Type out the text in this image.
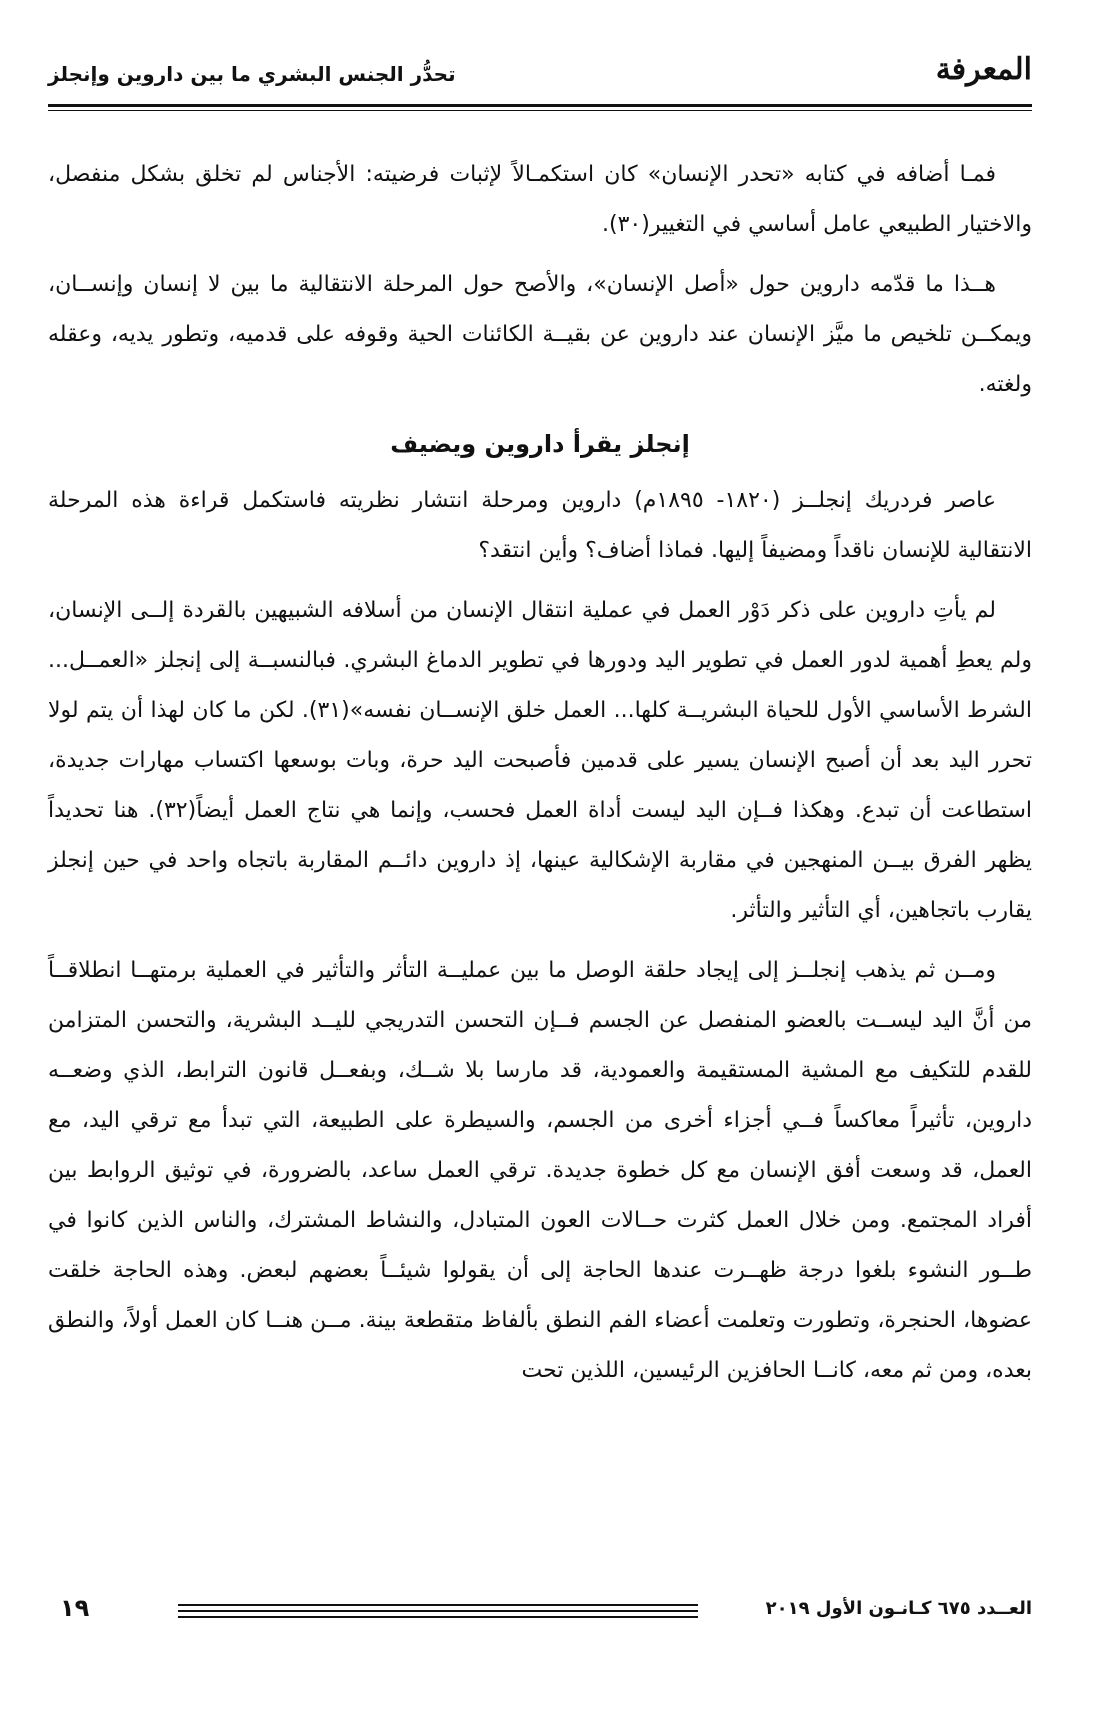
تحدُّر الجنس البشري ما بين داروين وإنجلز	المعرفة

فمـا أضافه في كتابه «تحدر الإنسان» كان استكمـالاً لإثبات فرضيته: الأجناس لم تخلق بشكل منفصل، والاختيار الطبيعي عامل أساسي في التغيير(٣٠).

هــذا ما قدّمه داروين حول «أصل الإنسان»، والأصح حول المرحلة الانتقالية ما بين لا إنسان وإنســان، ويمكــن تلخيص ما ميَّز الإنسان عند داروين عن بقيــة الكائنات الحية وقوفه على قدميه، وتطور يديه، وعقله ولغته.

إنجلز يقرأ داروين ويضيف

عاصر فردريك إنجلــز (١٨٢٠- ١٨٩٥م) داروين ومرحلة انتشار نظريته فاستكمل قراءة هذه المرحلة الانتقالية للإنسان ناقداً ومضيفاً إليها. فماذا أضاف؟ وأين انتقد؟

لم يأتِ داروين على ذكر دَوْر العمل في عملية انتقال الإنسان من أسلافه الشبيهين بالقردة إلــى الإنسان، ولم يعطِ أهمية لدور العمل في تطوير اليد ودورها في تطوير الدماغ البشري. فبالنسبــة إلى إنجلز «العمــل... الشرط الأساسي الأول للحياة البشريــة كلها... العمل خلق الإنســان نفسه»(٣١). لكن ما كان لهذا أن يتم لولا تحرر اليد بعد أن أصبح الإنسان يسير على قدمين فأصبحت اليد حرة، وبات بوسعها اكتساب مهارات جديدة، استطاعت أن تبدع. وهكذا فــإن اليد ليست أداة العمل فحسب، وإنما هي نتاج العمل أيضاً(٣٢). هنا تحديداً يظهر الفرق بيــن المنهجين في مقاربة الإشكالية عينها، إذ داروين دائــم المقاربة باتجاه واحد في حين إنجلز يقارب باتجاهين، أي التأثير والتأثر.

ومــن ثم يذهب إنجلــز إلى إيجاد حلقة الوصل ما بين عمليــة التأثر والتأثير في العملية برمتهــا انطلاقــاً من أنَّ اليد ليســت بالعضو المنفصل عن الجسم فــإن التحسن التدريجي لليــد البشرية، والتحسن المتزامن للقدم للتكيف مع المشية المستقيمة والعمودية، قد مارسا بلا شــك، وبفعــل قانون الترابط، الذي وضعــه داروين، تأثيراً معاكساً فــي أجزاء أخرى من الجسم، والسيطرة على الطبيعة، التي تبدأ مع ترقي اليد، مع العمل، قد وسعت أفق الإنسان مع كل خطوة جديدة. ترقي العمل ساعد، بالضرورة، في توثيق الروابط بين أفراد المجتمع. ومن خلال العمل كثرت حــالات العون المتبادل، والنشاط المشترك، والناس الذين كانوا في طــور النشوء بلغوا درجة ظهــرت عندها الحاجة إلى أن يقولوا شيئــاً بعضهم لبعض. وهذه الحاجة خلقت عضوها، الحنجرة، وتطورت وتعلمت أعضاء الفم النطق بألفاظ متقطعة بينة. مــن هنــا كان العمل أولاً، والنطق بعده، ومن ثم معه، كانــا الحافزين الرئيسين، اللذين تحت

العــدد ٦٧٥ كـانـون الأول ٢٠١٩
١٩
